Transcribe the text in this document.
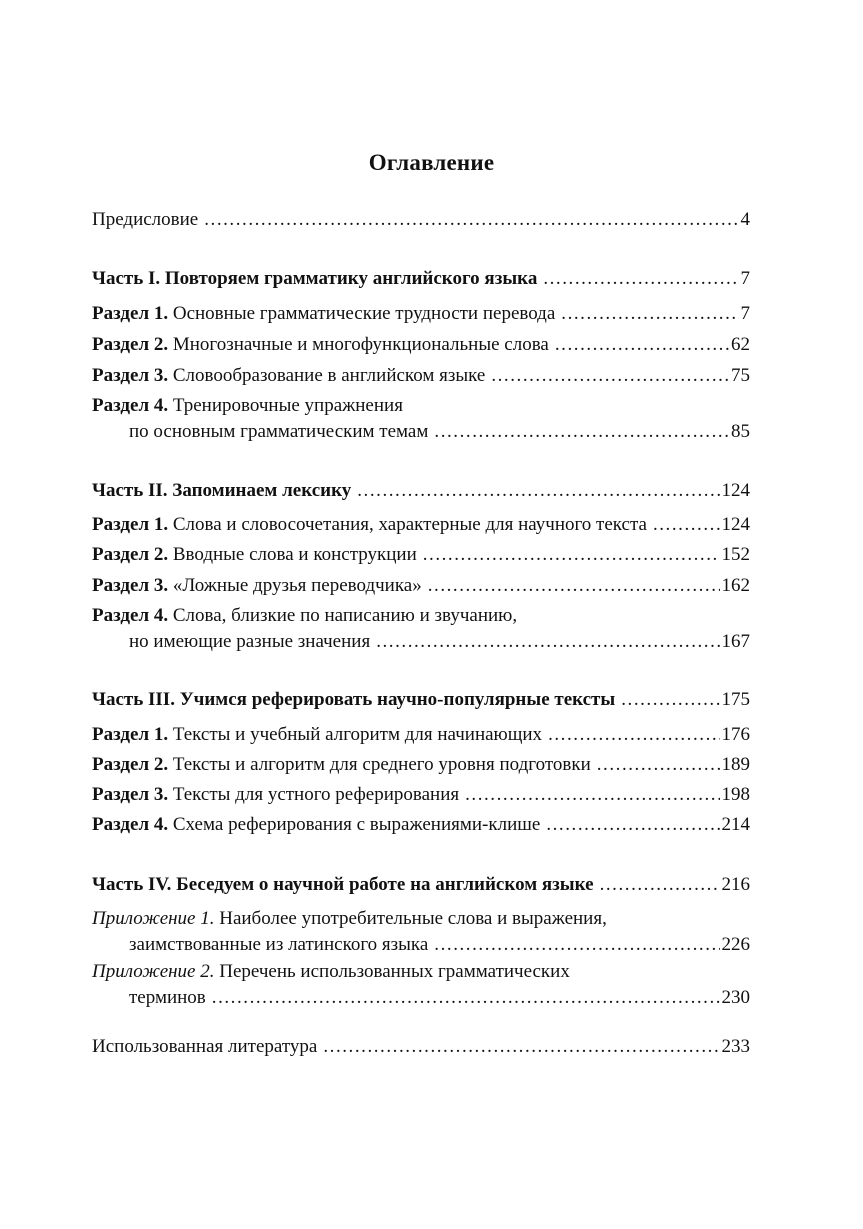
Оглавление
Предисловие . . .	4
Часть I. Повторяем грамматику английского языка . . .	7
Раздел 1. Основные грамматические трудности перевода . . .	7
Раздел 2. Многозначные и многофункциональные слова . . .	62
Раздел 3. Словообразование в английском языке . . .	75
Раздел 4. Тренировочные упражнения
по основным грамматическим темам . . .	85
Часть II. Запоминаем лексику . . .	124
Раздел 1. Слова и словосочетания, характерные для научного текста . . .	124
Раздел 2. Вводные слова и конструкции . . .	152
Раздел 3. «Ложные друзья переводчика» . . .	162
Раздел 4. Слова, близкие по написанию и звучанию,
но имеющие разные значения . . .	167
Часть III. Учимся реферировать научно-популярные тексты . . .	175
Раздел 1. Тексты и учебный алгоритм для начинающих . . .	176
Раздел 2. Тексты и алгоритм для среднего уровня подготовки . . .	189
Раздел 3. Тексты для устного реферирования . . .	198
Раздел 4. Схема реферирования с выражениями-клише . . .	214
Часть IV. Беседуем о научной работе на английском языке . . .	216
Приложение 1. Наиболее употребительные слова и выражения,
заимствованные из латинского языка . . .	226
Приложение 2. Перечень использованных грамматических
терминов . . .	230
Использованная литература . . .	233
